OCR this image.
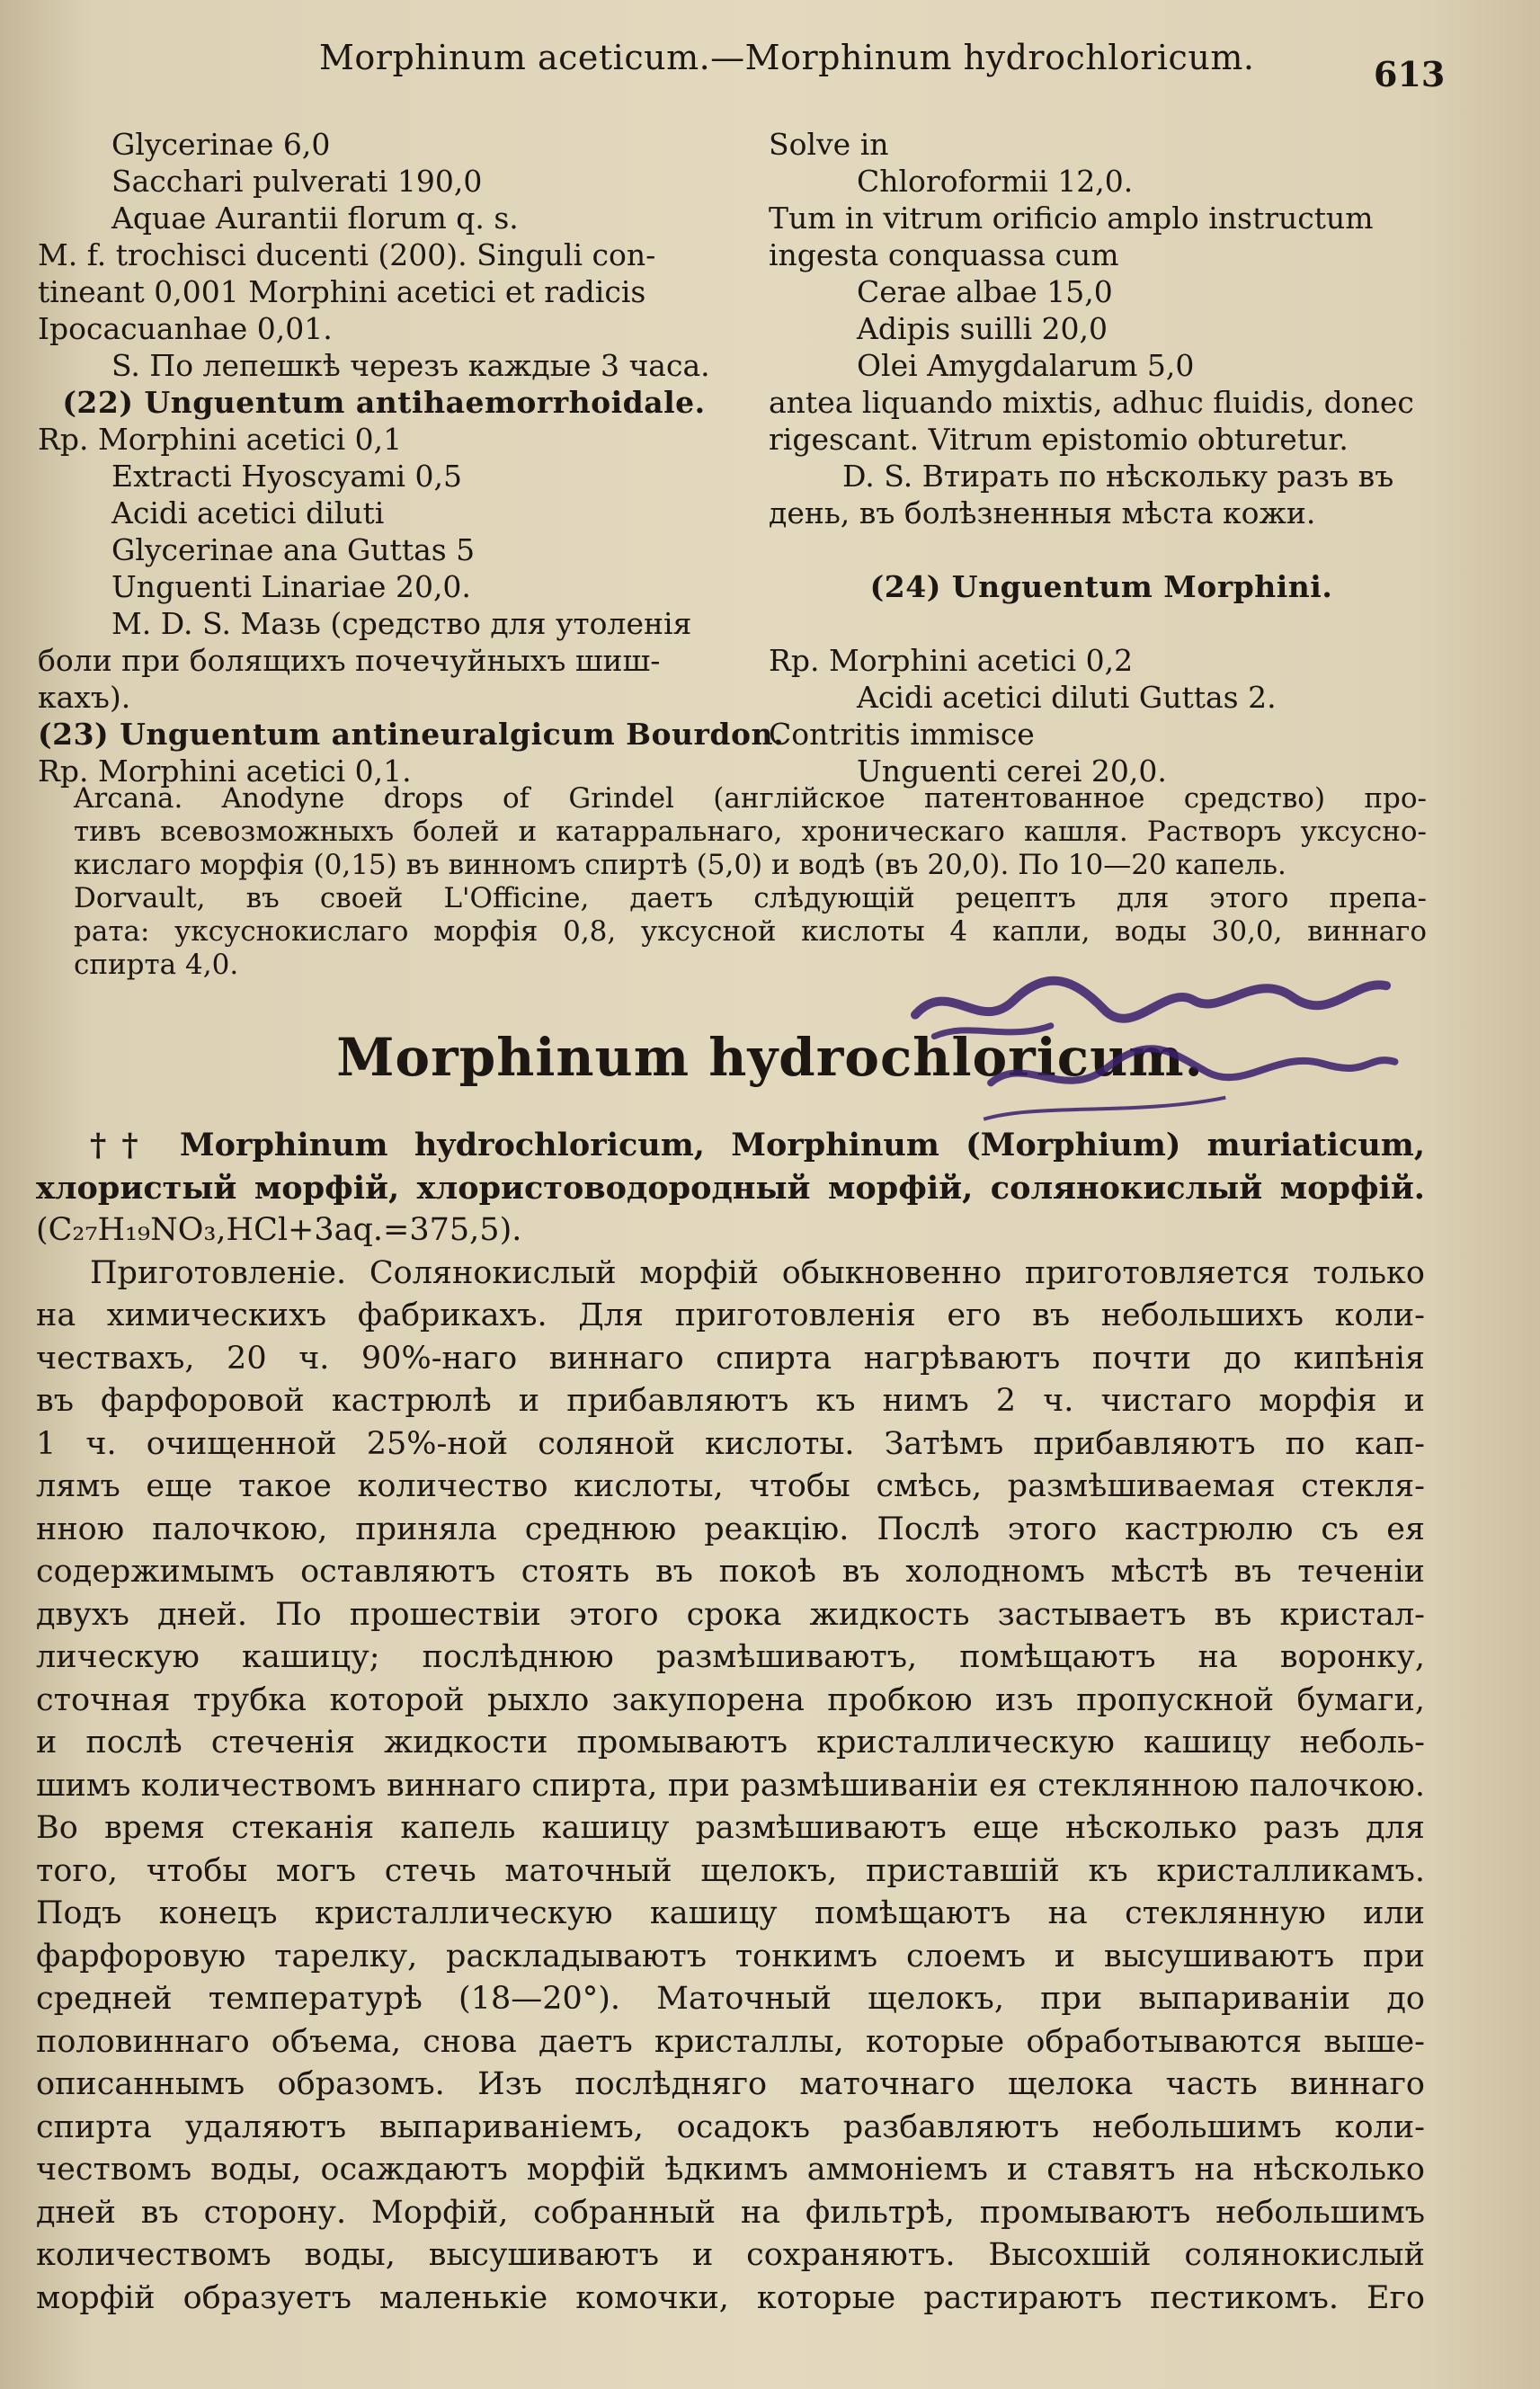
Morphinum aceticum.—Morphinum hydrochloricum.	613
Glycerinae 6,0
Sacchari pulverati 190,0
Aquae Aurantii florum q. s.
M. f. trochisci ducenti (200). Singuli con-
tineant 0,001 Morphini acetici et radicis
Ipocacuanhae 0,01.
S. По лепешкѣ черезъ каждые 3 часа.
(22) Unguentum antihaemorrhoidale.
Rp. Morphini acetici 0,1
Extracti Hyoscyami 0,5
Acidi acetici diluti
Glycerinae ana Guttas 5
Unguenti Linariae 20,0.
M. D. S. Мазь (средство для утоленія
боли при болящихъ почечуйныхъ шиш-
кахъ).
(23) Unguentum antineuralgicum Bourdon.
Rp. Morphini acetici 0,1.
Solve in
Chloroformii 12,0.
Tum in vitrum orificio amplo instructum
ingesta conquassa cum
Cerae albae 15,0
Adipis suilli 20,0
Olei Amygdalarum 5,0
antea liquando mixtis, adhuc fluidis, donec
rigescant. Vitrum epistomio obturetur.
D. S. Втирать по нѣскольку разъ въ
день, въ болѣзненныя мѣста кожи.

(24) Unguentum Morphini.

Rp. Morphini acetici 0,2
Acidi acetici diluti Guttas 2.
Contritis immisce
Unguenti cerei 20,0.
Arcana. Anodyne drops of Grindel (англійское патентованное средство) про-
тивъ всевозможныхъ болей и катарральнаго, хроническаго кашля. Растворъ уксусно-
кислаго морфія (0,15) въ винномъ спиртѣ (5,0) и водѣ (въ 20,0). По 10—20 капель.
Dorvault, въ своей L'Officine, даетъ слѣдующій рецептъ для этого препа-
рата: уксуснокислаго морфія 0,8, уксусной кислоты 4 капли, воды 30,0, виннаго
спирта 4,0.
Morphinum hydrochloricum.
†† Morphinum hydrochloricum, Morphinum (Morphium) muriaticum,
хлористый морфій, хлористоводородный морфій, солянокислый морфій.
(C₂₇H₁₉NO₃,HCl+3aq.=375,5).
Приготовленіе. Солянокислый морфій обыкновенно приготовляется только
на химическихъ фабрикахъ. Для приготовленія его въ небольшихъ коли-
чествахъ, 20 ч. 90%-наго виннаго спирта нагрѣваютъ почти до кипѣнія
въ фарфоровой кастрюлѣ и прибавляютъ къ нимъ 2 ч. чистаго морфія и
1 ч. очищенной 25%-ной соляной кислоты. Затѣмъ прибавляютъ по кап-
лямъ еще такое количество кислоты, чтобы смѣсь, размѣшиваемая стекля-
нною палочкою, приняла среднюю реакцію. Послѣ этого кастрюлю съ ея
содержимымъ оставляютъ стоять въ покоѣ въ холодномъ мѣстѣ въ теченіи
двухъ дней. По прошествіи этого срока жидкость застываетъ въ кристал-
лическую кашицу; послѣднюю размѣшиваютъ, помѣщаютъ на воронку,
сточная трубка которой рыхло закупорена пробкою изъ пропускной бумаги,
и послѣ стеченія жидкости промываютъ кристаллическую кашицу неболь-
шимъ количествомъ виннаго спирта, при размѣшиваніи ея стеклянною палочкою.
Во время стеканія капель кашицу размѣшиваютъ еще нѣсколько разъ для
того, чтобы могъ стечь маточный щелокъ, приставшій къ кристалликамъ.
Подъ конецъ кристаллическую кашицу помѣщаютъ на стеклянную или
фарфоровую тарелку, раскладываютъ тонкимъ слоемъ и высушиваютъ при
средней температурѣ (18—20°). Маточный щелокъ, при выпариваніи до
половиннаго объема, снова даетъ кристаллы, которые обработываются выше-
описаннымъ образомъ. Изъ послѣдняго маточнаго щелока часть виннаго
спирта удаляютъ выпариваніемъ, осадокъ разбавляютъ небольшимъ коли-
чествомъ воды, осаждаютъ морфій ѣдкимъ аммоніемъ и ставятъ на нѣсколько
дней въ сторону. Морфій, собранный на фильтрѣ, промываютъ небольшимъ
количествомъ воды, высушиваютъ и сохраняютъ. Высохшій солянокислый
морфій образуетъ маленькіе комочки, которые растираютъ пестикомъ. Его
